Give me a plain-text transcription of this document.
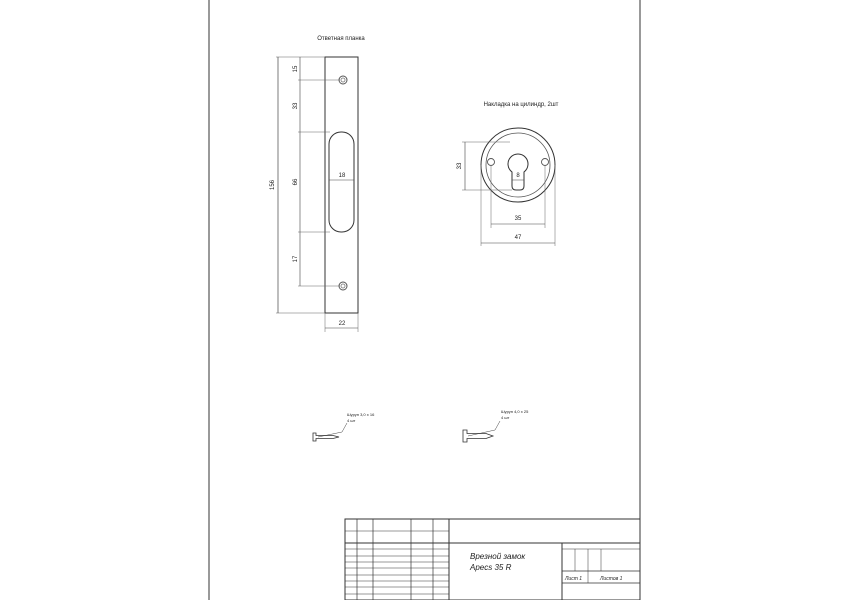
Ответная планка
156
15
33
66
17
18
22
Накладка на цилиндр, 2шт
33
8
35
47
Шуруп 3,0 х 16
4 шт
Шуруп 4,0 х 25
4 шт
Врезной замок
Apecs 35 R
Лист 1	Листов 1
